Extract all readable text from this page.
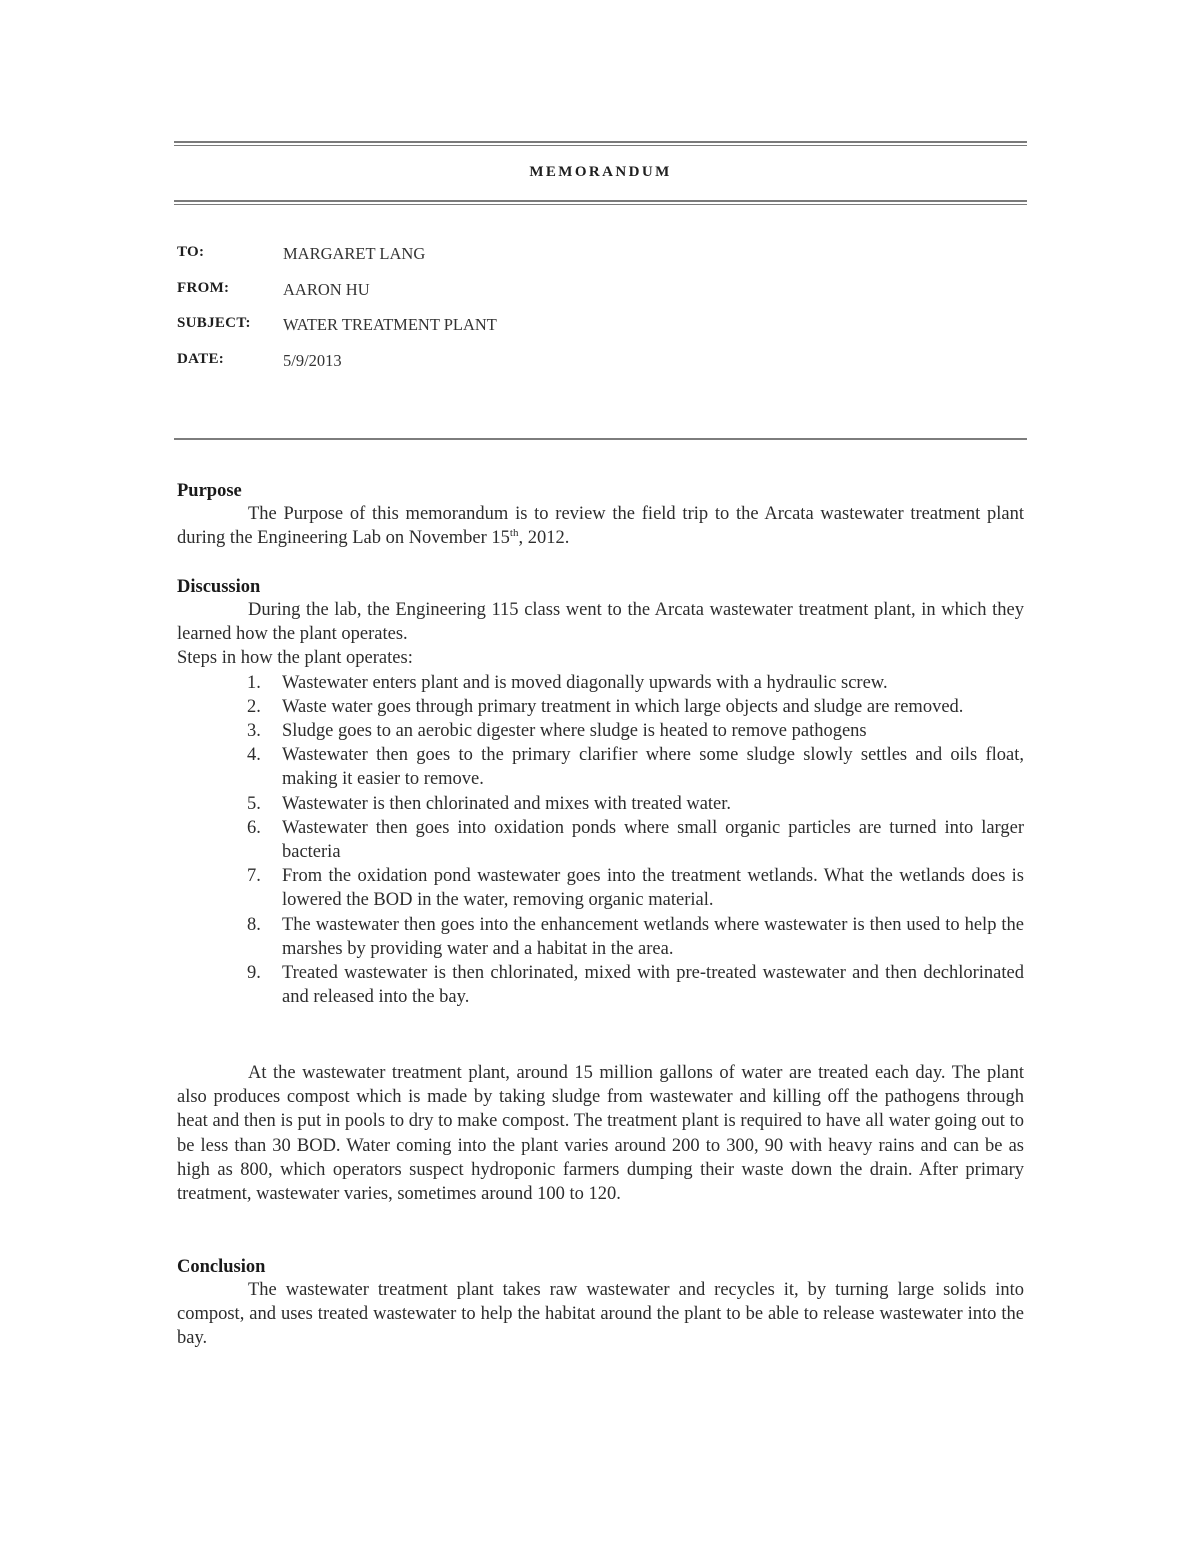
MEMORANDUM
TO:	MARGARET LANG
FROM:	AARON HU
SUBJECT:	WATER TREATMENT PLANT
DATE:	5/9/2013
Purpose

The Purpose of this memorandum is to review the field trip to the Arcata wastewater treatment plant during the Engineering Lab on November 15th, 2012.

Discussion

During the lab, the Engineering 115 class went to the Arcata wastewater treatment plant, in which they learned how the plant operates.

Steps in how the plant operates:

1.	Wastewater enters plant and is moved diagonally upwards with a hydraulic screw.
2.	Waste water goes through primary treatment in which large objects and sludge are removed.
3.	Sludge goes to an aerobic digester where sludge is heated to remove pathogens
4.	Wastewater then goes to the primary clarifier where some sludge slowly settles and oils float, making it easier to remove.
5.	Wastewater is then chlorinated and mixes with treated water.
6.	Wastewater then goes into oxidation ponds where small organic particles are turned into larger bacteria
7.	From the oxidation pond wastewater goes into the treatment wetlands. What the wetlands does is lowered the BOD in the water, removing organic material.
8.	The wastewater then goes into the enhancement wetlands where wastewater is then used to help the marshes by providing water and a habitat in the area.
9.	Treated wastewater is then chlorinated, mixed with pre-treated wastewater and then dechlorinated and released into the bay.

At the wastewater treatment plant, around 15 million gallons of water are treated each day. The plant also produces compost which is made by taking sludge from wastewater and killing off the pathogens through heat and then is put in pools to dry to make compost. The treatment plant is required to have all water going out to be less than 30 BOD. Water coming into the plant varies around 200 to 300, 90 with heavy rains and can be as high as 800, which operators suspect hydroponic farmers dumping their waste down the drain. After primary treatment, wastewater varies, sometimes around 100 to 120.

Conclusion

The wastewater treatment plant takes raw wastewater and recycles it, by turning large solids into compost, and uses treated wastewater to help the habitat around the plant to be able to release wastewater into the bay.
